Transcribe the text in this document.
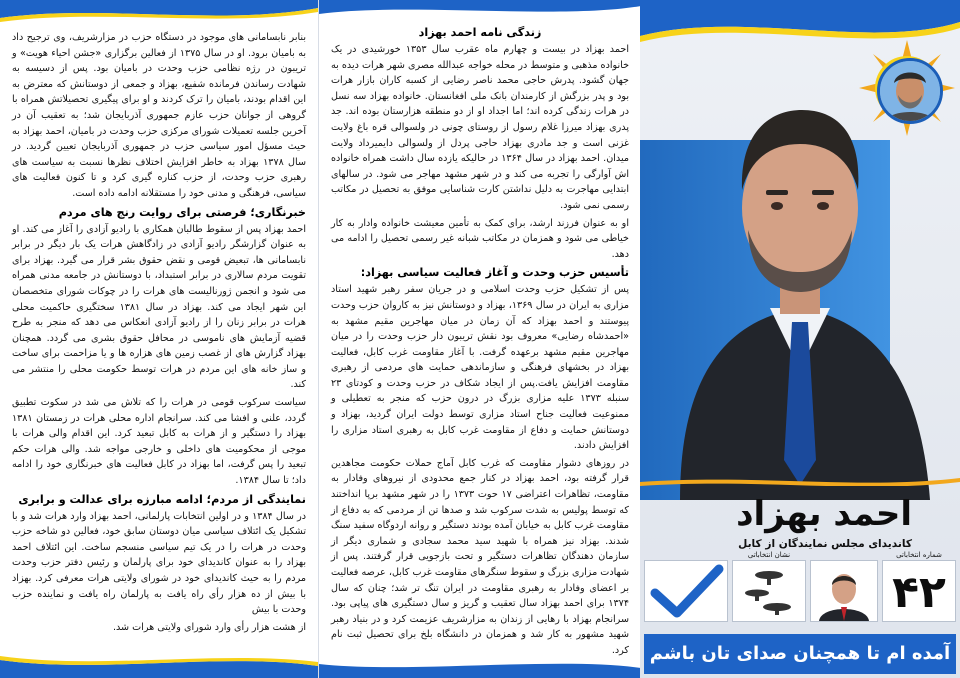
بنابر نابسامانی های موجود در دستگاه حزب در مزارشریف، وی ترجیح داد به بامیان برود. او در سال ۱۳۷۵ از فعالین برگزاری «جشن احیاء هویت» و تریبون در رژه نظامی حزب وحدت در بامیان بود. پس از دسیسه به شهادت رساندن فرمانده شفیع، بهزاد و جمعی از دوستانش که معترض به این اقدام بودند، بامیان را ترک کردند و او برای پیگیری تحصیلاتش همراه با گروهی از جوانان حزب عازم جمهوری آذربایجان شد؛ به تعقیب آن در آخرین جلسه تعمیلات شورای مرکزی حزب وحدت در بامیان، احمد بهزاد به حیث مسؤل امور سیاسی حزب در جمهوری آذربایجان تعیین گردید. در سال ۱۳۷۸ بهزاد به خاطر افزایش اختلاف نظرها نسبت به سیاست های رهبری حزب وحدت، از حزب کناره گیری کرد و تا کنون فعالیت های سیاسی، فرهنگی و مدنی خود را مستقلانه ادامه داده است.

خبرنگاری؛ فرصتی برای روایت رنج های مردم

احمد بهزاد پس از سقوط طالبان همکاری با رادیو آزادی را آغاز می کند. او به عنوان گزارشگر رادیو آزادی در زادگاهش هرات یک بار دیگر در برابر نابسامانی ها، تبعیض قومی و نقض حقوق بشر قرار می گیرد. بهزاد برای تقویت مردم سالاری در برابر استبداد، با دوستانش در جامعه مدنی همراه می شود و انجمن ژورنالیست های هرات را در چوکات شورای متخصصان این شهر ایجاد می کند. بهزاد در سال ۱۳۸۱ سختگیری حاکمیت محلی هرات در برابر زنان را از رادیو آزادی انعکاس می دهد که منجر به طرح قضیه آزمایش های ناموسی در محافل حقوق بشری می گردد. همچنان بهزاد گزارش های از غصب زمین های هزاره ها و یا مزاحمت برای ساخت و ساز خانه های این مردم در هرات توسط حکومت محلی را منتشر می کند.

سیاست سرکوب قومی در هرات را که تلاش می شد در سکوت تطبیق گردد، علنی و افشا می کند. سرانجام اداره محلی هرات در زمستان ۱۳۸۱ بهزاد را دستگیر و از هرات به کابل تبعید کرد. این اقدام والی هرات با موجی از محکومیت های داخلی و خارجی مواجه شد. والی هرات حکم تبعید را پس گرفت، اما بهزاد در کابل فعالیت های خبرنگاری خود را ادامه داد؛ تا سال ۱۳۸۴.

نمایندگی از مردم؛ ادامه مبارزه برای عدالت و برابری

در سال ۱۳۸۴ و در اولین انتخابات پارلمانی، احمد بهزاد وارد هرات شد و با تشکیل یک ائتلاف سیاسی میان دوستان سابق خود، فعالین دو شاخه حزب وحدت در هرات را در یک تیم سیاسی منسجم ساخت. این ائتلاف احمد بهزاد را به عنوان کاندیدای خود برای پارلمان و رئیس دفتر حزب وحدت مردم را به حیث کاندیدای خود در شورای ولایتی هرات معرفی کرد. بهزاد با بیش از ده هزار رأی راه یافت به پارلمان راه یافت و نماینده حزب وحدت با بیش

از هشت هزار رأی وارد شورای ولایتی هرات شد.

زندگی نامه احمد بهزاد

احمد بهزاد در بیست و چهارم ماه عقرب سال ۱۳۵۳ خورشیدی در یک خانواده مذهبی و متوسط در محله خواجه عبدالله مصری شهر هرات دیده به جهان گشود. پدرش حاجی محمد ناصر رضایی از کسبه کاران بازار هرات بود و پدر بزرگش از کارمندان بانک ملی افغانستان. خانواده بهزاد سه نسل در هرات زندگی کرده اند؛ اما اجداد او از دو منطقه هزارستان بوده اند. جد پدری بهزاد میرزا غلام رسول از روستای چونی در ولسوالی قره باغ ولایت غزنی است و جد مادری بهزاد حاجی پردل از ولسوالی دایمیرداد ولایت میدان. احمد بهزاد در سال ۱۳۶۴ در حالیکه یازده سال داشت همراه خانواده اش آوارگی را تجربه می کند و در شهر مشهد مهاجر می شود. در سالهای ابتدایی مهاجرت به دلیل نداشتن کارت شناسایی موفق به تحصیل در مکاتب رسمی نمی شود.

او به عنوان فرزند ارشد، برای کمک به تأمین معیشت خانواده وادار به کار خیاطی می شود و همزمان در مکاتب شبانه غیر رسمی تحصیل را ادامه می دهد.

تأسیس حزب وحدت و آغاز فعالیت سیاسی بهزاد:

پس از تشکیل حزب وحدت اسلامی و در جریان سفر رهبر شهید استاد مزاری به ایران در سال ۱۳۶۹، بهزاد و دوستانش نیز به کاروان حزب وحدت پیوستند و احمد بهزاد که آن زمان در میان مهاجرین مقیم مشهد به «احمدشاه رضایی» معروف بود نقش تریبون دار حزب وحدت را در میان مهاجرین مقیم مشهد برعهده گرفت. با آغاز مقاومت غرب کابل، فعالیت بهزاد در بخشهای فرهنگی و سازماندهی حمایت های مردمی از رهبری مقاومت افزایش یافت.پس از ایجاد شکاف در حزب وحدت و کودتای ۲۳ سنبله ۱۳۷۳ علیه مزاری بزرگ در درون حزب که منجر به تعطیلی و ممنوعیت فعالیت جناح استاد مزاری توسط دولت ایران گردید، بهزاد و دوستانش حمایت و دفاع از مقاومت غرب کابل به رهبری استاد مزاری را افزایش دادند.

در روزهای دشوار مقاومت که غرب کابل آماج حملات حکومت مجاهدین قرار گرفته بود، احمد بهزاد در کنار جمع محدودی از نیروهای وفادار به مقاومت، تظاهرات اعتراضی ۱۷ حوت ۱۳۷۳ را در شهر مشهد برپا انداختند که توسط پولیس به شدت سرکوب شد و صدها تن از مردمی که به دفاع از مقاومت غرب کابل به خیابان آمده بودند دستگیر و روانه اردوگاه سفید سنگ شدند. بهزاد نیز همراه با شهید سید محمد سجادی و شماری دیگر از سازمان دهندگان تظاهرات دستگیر و تحت بازجویی قرار گرفتند. پس از شهادت مزاری بزرگ و سقوط سنگرهای مقاومت غرب کابل، عرصه فعالیت بر اعضای وفادار به رهبری مقاومت در ایران تنگ تر شد؛ چنان که سال ۱۳۷۴ برای احمد بهزاد سال تعقیب و گریز و سال دستگیری های پیاپی بود. سرانجام بهزاد با رهایی از زندان به مزارشریف عزیمت کرد و در بنیاد رهبر شهید مشهور به کار شد و همزمان در دانشگاه بلخ برای تحصیل ثبت نام کرد.

احمد بهزاد
کاندیدای مجلس نمایندگان از کابل
شماره انتخاباتی
۴۲
نشان انتخاباتی
آمده ام تا همچنان صدای تان باشم
